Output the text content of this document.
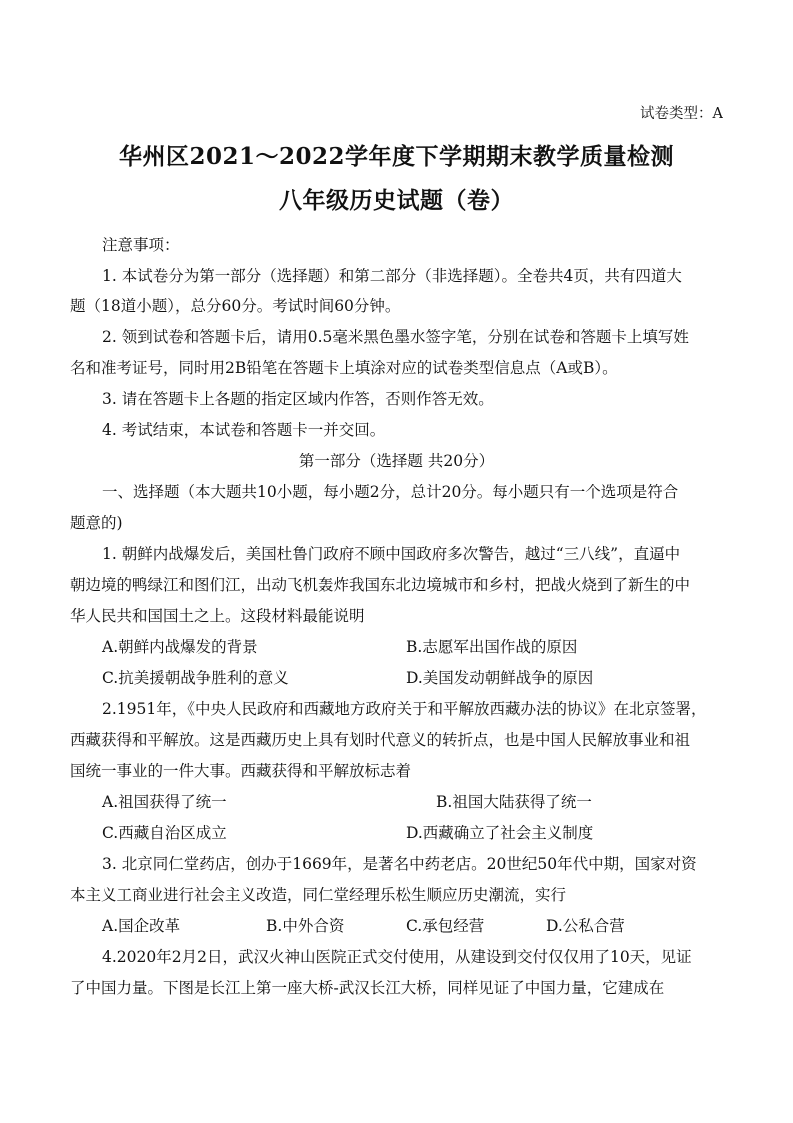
试卷类型：A
华州区2021～2022学年度下学期期末教学质量检测
八年级历史试题（卷）
注意事项：
1. 本试卷分为第一部分（选择题）和第二部分（非选择题）。全卷共4页，共有四道大
题（18道小题），总分60分。考试时间60分钟。
2. 领到试卷和答题卡后，请用0.5毫米黑色墨水签字笔，分别在试卷和答题卡上填写姓
名和准考证号，同时用2B铅笔在答题卡上填涂对应的试卷类型信息点（A或B）。
3. 请在答题卡上各题的指定区域内作答，否则作答无效。
4. 考试结束，本试卷和答题卡一并交回。
第一部分（选择题 共20分）
一、选择题（本大题共10小题，每小题2分，总计20分。每小题只有一个选项是符合
题意的)
1. 朝鲜内战爆发后，美国杜鲁门政府不顾中国政府多次警告，越过“三八线”，直逼中
朝边境的鸭绿江和图们江，出动飞机轰炸我国东北边境城市和乡村，把战火烧到了新生的中
华人民共和国国土之上。这段材料最能说明
A.朝鲜内战爆发的背景	B.志愿军出国作战的原因
C.抗美援朝战争胜利的意义	D.美国发动朝鲜战争的原因
2.1951年，《中央人民政府和西藏地方政府关于和平解放西藏办法的协议》在北京签署，
西藏获得和平解放。这是西藏历史上具有划时代意义的转折点，也是中国人民解放事业和祖
国统一事业的一件大事。西藏获得和平解放标志着
A.祖国获得了统一	B.祖国大陆获得了统一
C.西藏自治区成立	D.西藏确立了社会主义制度
3. 北京同仁堂药店，创办于1669年，是著名中药老店。20世纪50年代中期，国家对资
本主义工商业进行社会主义改造，同仁堂经理乐松生顺应历史潮流，实行
A.国企改革	B.中外合资	C.承包经营	D.公私合营
4.2020年2月2日，武汉火神山医院正式交付使用，从建设到交付仅仅用了10天，见证
了中国力量。下图是长江上第一座大桥-武汉长江大桥，同样见证了中国力量，它建成在
